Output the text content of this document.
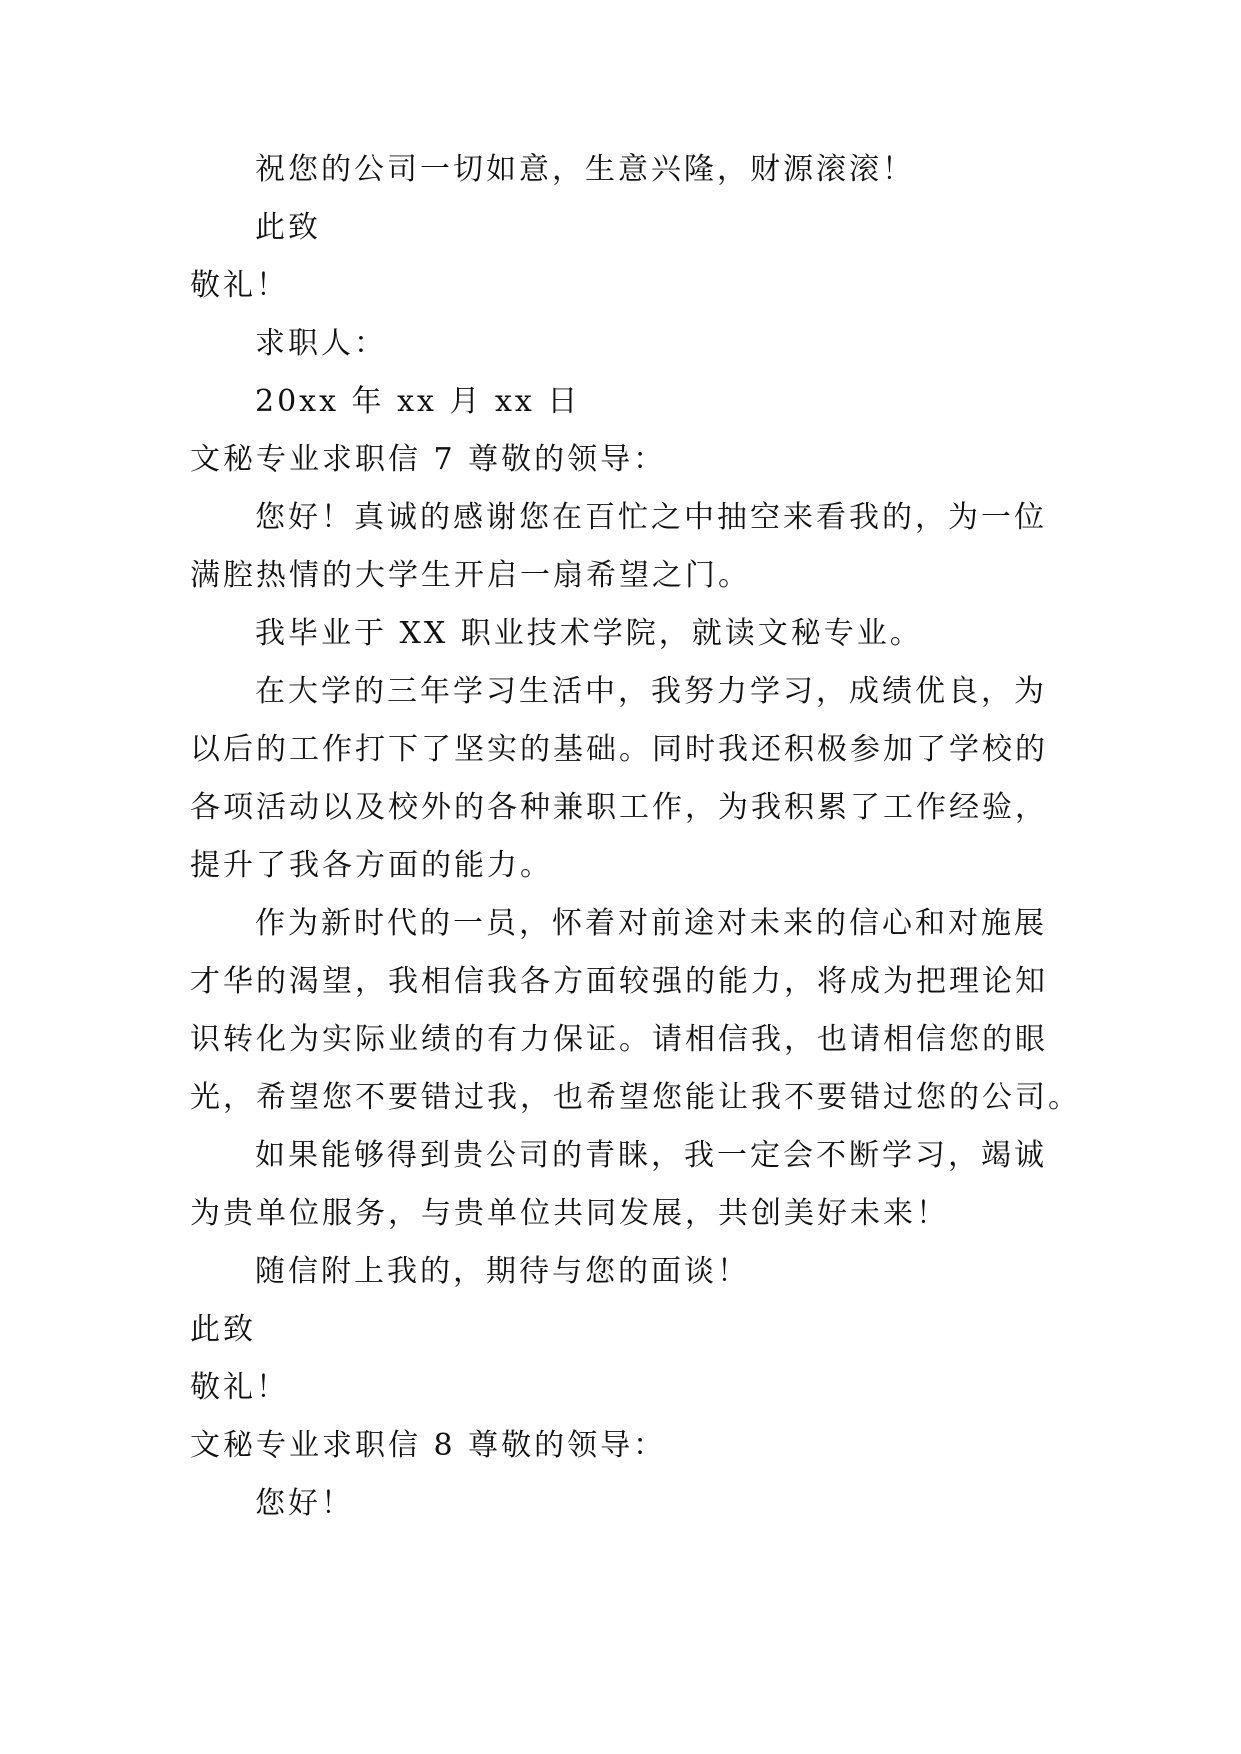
祝您的公司一切如意，生意兴隆，财源滚滚！
此致
敬礼！
求职人：
20xx 年 xx 月 xx 日
文秘专业求职信 7 尊敬的领导：
您好！真诚的感谢您在百忙之中抽空来看我的，为一位
满腔热情的大学生开启一扇希望之门。
我毕业于 XX 职业技术学院，就读文秘专业。
在大学的三年学习生活中，我努力学习，成绩优良，为
以后的工作打下了坚实的基础。同时我还积极参加了学校的
各项活动以及校外的各种兼职工作，为我积累了工作经验，
提升了我各方面的能力。
作为新时代的一员，怀着对前途对未来的信心和对施展
才华的渴望，我相信我各方面较强的能力，将成为把理论知
识转化为实际业绩的有力保证。请相信我，也请相信您的眼
光，希望您不要错过我，也希望您能让我不要错过您的公司。
如果能够得到贵公司的青睐，我一定会不断学习，竭诚
为贵单位服务，与贵单位共同发展，共创美好未来！
随信附上我的，期待与您的面谈！
此致
敬礼！
文秘专业求职信 8 尊敬的领导：
您好！
